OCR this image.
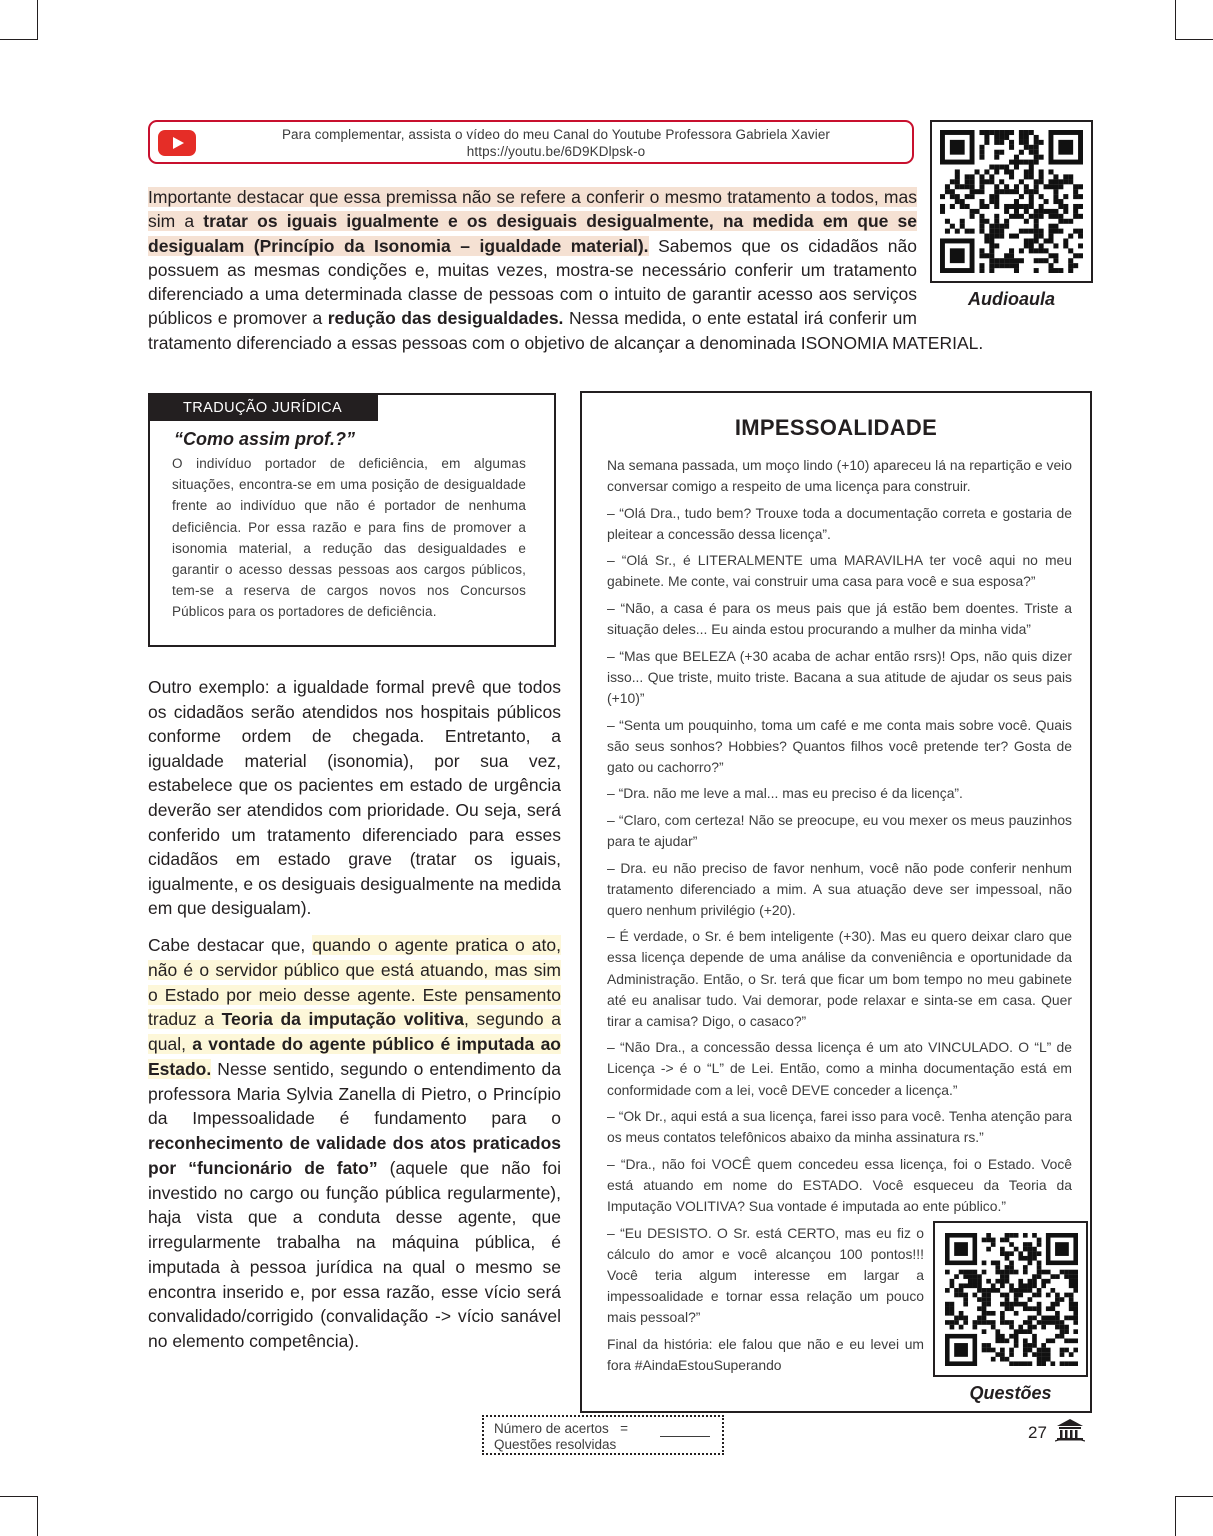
Para complementar, assista o vídeo do meu Canal do Youtube Professora Gabriela Xavier
https://youtu.be/6D9KDlpsk-o
Audioaula
Importante destacar que essa premissa não se refere a conferir o mesmo tratamento a todos, mas sim a tratar os iguais igualmente e os desiguais desigualmente, na medida em que se desigualam (Princípio da Isonomia – igualdade material). Sabemos que os cidadãos não possuem as mesmas condições e, muitas vezes, mostra-se necessário conferir um tratamento diferenciado a uma determinada classe de pessoas com o intuito de garantir acesso aos serviços públicos e promover a redução das desigualdades. Nessa medida, o ente estatal irá conferir um tratamento diferenciado a essas pessoas com o objetivo de alcançar a denominada ISONOMIA MATERIAL.
TRADUÇÃO JURÍDICA
“Como assim prof.?”
O indivíduo portador de deficiência, em algumas situações, encontra-se em uma posição de desigualdade frente ao indivíduo que não é portador de nenhuma deficiência. Por essa razão e para fins de promover a isonomia material, a redução das desigualdades e garantir o acesso dessas pessoas aos cargos públicos, tem-se a reserva de cargos novos nos Concursos Públicos para os portadores de deficiência.
Outro exemplo: a igualdade formal prevê que todos os cidadãos serão atendidos nos hospitais públicos conforme ordem de chegada. Entretanto, a igualdade material (isonomia), por sua vez, estabelece que os pacientes em estado de urgência deverão ser atendidos com prioridade. Ou seja, será conferido um tratamento diferenciado para esses cidadãos em estado grave (tratar os iguais, igualmente, e os desiguais desigualmente na medida em que desigualam).
Cabe destacar que, quando o agente pratica o ato, não é o servidor público que está atuando, mas sim o Estado por meio desse agente. Este pensamento traduz a Teoria da imputação volitiva, segundo a qual, a vontade do agente público é imputada ao Estado. Nesse sentido, segundo o entendimento da professora Maria Sylvia Zanella di Pietro, o Princípio da Impessoalidade é fundamento para o reconhecimento de validade dos atos praticados por “funcionário de fato” (aquele que não foi investido no cargo ou função pública regularmente), haja vista que a conduta desse agente, que irregularmente trabalha na máquina pública, é imputada à pessoa jurídica na qual o mesmo se encontra inserido e, por essa razão, esse vício será convalidado/corrigido (convalidação -> vício sanável no elemento competência).
IMPESSOALIDADE

Na semana passada, um moço lindo (+10) apareceu lá na repartição e veio conversar comigo a respeito de uma licença para construir.

– “Olá Dra., tudo bem? Trouxe toda a documentação correta e gostaria de pleitear a concessão dessa licença”.

– “Olá Sr., é LITERALMENTE uma MARAVILHA ter você aqui no meu gabinete. Me conte, vai construir uma casa para você e sua esposa?”

– “Não, a casa é para os meus pais que já estão bem doentes. Triste a situação deles... Eu ainda estou procurando a mulher da minha vida”

– “Mas que BELEZA (+30 acaba de achar então rsrs)! Ops, não quis dizer isso... Que triste, muito triste. Bacana a sua atitude de ajudar os seus pais (+10)”

– “Senta um pouquinho, toma um café e me conta mais sobre você. Quais são seus sonhos? Hobbies? Quantos filhos você pretende ter? Gosta de gato ou cachorro?”

– “Dra. não me leve a mal... mas eu preciso é da licença”.

– “Claro, com certeza! Não se preocupe, eu vou mexer os meus pauzinhos para te ajudar”

– Dra. eu não preciso de favor nenhum, você não pode conferir nenhum tratamento diferenciado a mim. A sua atuação deve ser impessoal, não quero nenhum privilégio (+20).

– É verdade, o Sr. é bem inteligente (+30). Mas eu quero deixar claro que essa licença depende de uma análise da conveniência e oportunidade da Administração. Então, o Sr. terá que ficar um bom tempo no meu gabinete até eu analisar tudo. Vai demorar, pode relaxar e sinta-se em casa. Quer tirar a camisa? Digo, o casaco?”

– “Não Dra., a concessão dessa licença é um ato VINCULADO. O “L” de Licença -> é o “L” de Lei. Então, como a minha documentação está em conformidade com a lei, você DEVE conceder a licença.”

– “Ok Dr., aqui está a sua licença, farei isso para você. Tenha atenção para os meus contatos telefônicos abaixo da minha assinatura rs.”

– “Dra., não foi VOCÊ quem concedeu essa licença, foi o Estado. Você está atuando em nome do ESTADO. Você esqueceu da Teoria da Imputação VOLITIVA? Sua vontade é imputada ao ente público.”

– “Eu DESISTO. O Sr. está CERTO, mas eu fiz o cálculo do amor e você alcançou 100 pontos!!! Você teria algum interesse em largar a impessoalidade e tornar essa relação um pouco mais pessoal?”

Final da história: ele falou que não e eu levei um fora #AindaEstouSuperando

Questões
Número de acertos =
Questões resolvidas
27
